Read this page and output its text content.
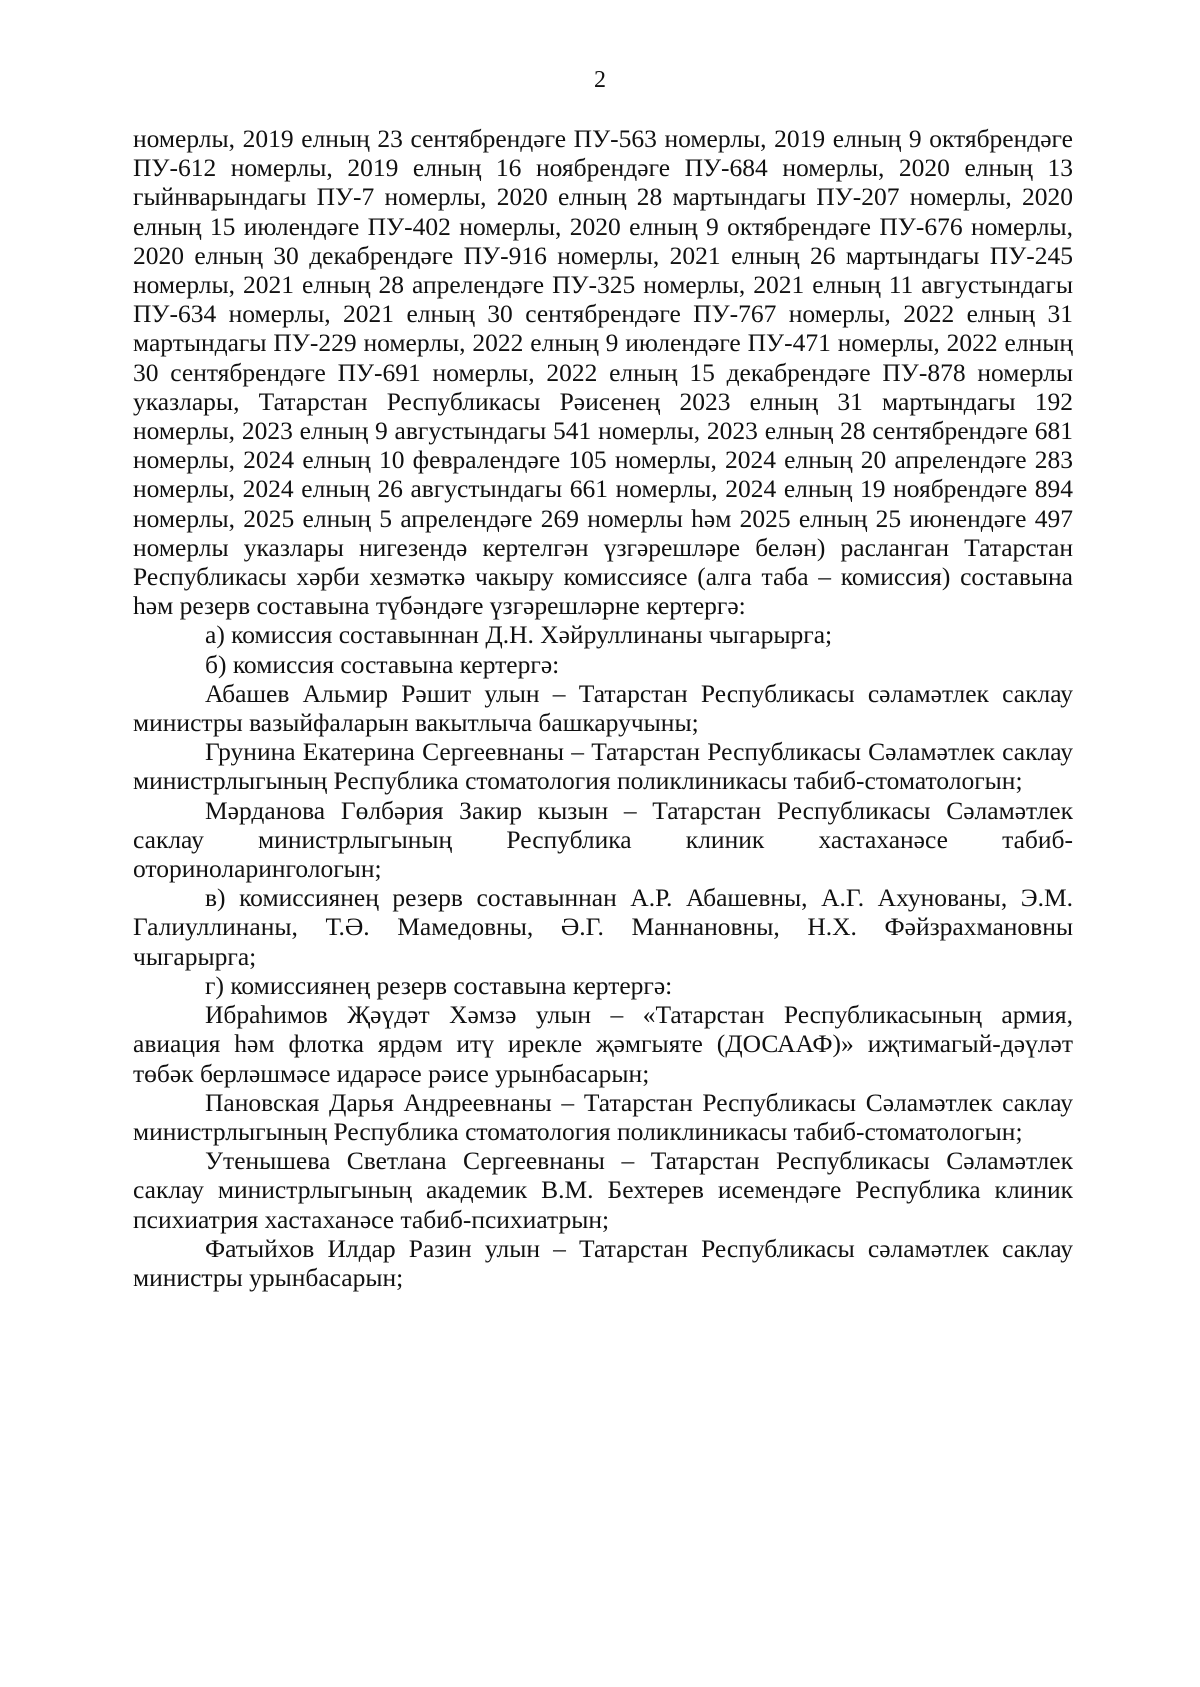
2

номерлы, 2019 елның 23 сентябрендәге ПУ-563 номерлы, 2019 елның 9 октябрендәге ПУ-612 номерлы, 2019 елның 16 ноябрендәге ПУ-684 номерлы, 2020 елның 13 гыйнварындагы ПУ-7 номерлы, 2020 елның 28 мартындагы ПУ-207 номерлы, 2020 елның 15 июлендәге ПУ-402 номерлы, 2020 елның 9 октябрендәге ПУ-676 номерлы, 2020 елның 30 декабрендәге ПУ-916 номерлы, 2021 елның 26 мартындагы ПУ-245 номерлы, 2021 елның 28 апрелендәге ПУ-325 номерлы, 2021 елның 11 августындагы ПУ-634 номерлы, 2021 елның 30 сентябрендәге ПУ-767 номерлы, 2022 елның 31 мартындагы ПУ-229 номерлы, 2022 елның 9 июлендәге ПУ-471 номерлы, 2022 елның 30 сентябрендәге ПУ-691 номерлы, 2022 елның 15 декабрендәге ПУ-878 номерлы указлары, Татарстан Республикасы Рәисенең 2023 елның 31 мартындагы 192 номерлы, 2023 елның 9 августындагы 541 номерлы, 2023 елның 28 сентябрендәге 681 номерлы, 2024 елның 10 февралендәге 105 номерлы, 2024 елның 20 апрелендәге 283 номерлы, 2024 елның 26 августындагы 661 номерлы, 2024 елның 19 ноябрендәге 894 номерлы, 2025 елның 5 апрелендәге 269 номерлы һәм 2025 елның 25 июнендәге 497 номерлы указлары нигезендә кертелгән үзгәрешләре белән) расланган Татарстан Республикасы хәрби хезмәткә чакыру комиссиясе (алга таба – комиссия) составына һәм резерв составына түбәндәге үзгәрешләрне кертергә:

а) комиссия составыннан Д.Н. Хәйруллинаны чыгарырга;

б) комиссия составына кертергә:

Абашев Альмир Рәшит улын – Татарстан Республикасы сәламәтлек саклау министры вазыйфаларын вакытлыча башкаручыны;

Грунина Екатерина Сергеевнаны – Татарстан Республикасы Сәламәтлек саклау министрлыгының Республика стоматология поликлиникасы табиб-стоматологын;

Мәрданова Гөлбәрия Закир кызын – Татарстан Республикасы Сәламәтлек саклау министрлыгының Республика клиник хастаханәсе табиб-оториноларингологын;

в) комиссиянең резерв составыннан А.Р. Абашевны, А.Г. Ахунованы, Э.М. Галиуллинаны, Т.Ә. Мамедовны, Ә.Г. Маннановны, Н.Х. Фәйзрахмановны чыгарырга;

г) комиссиянең резерв составына кертергә:

Ибраһимов Җәүдәт Хәмзә улын – «Татарстан Республикасының армия, авиация һәм флотка ярдәм итү ирекле җәмгыяте (ДОСААФ)» иҗтимагый-дәүләт төбәк берләшмәсе идарәсе рәисе урынбасарын;

Пановская Дарья Андреевнаны – Татарстан Республикасы Сәламәтлек саклау министрлыгының Республика стоматология поликлиникасы табиб-стоматологын;

Утенышева Светлана Сергеевнаны – Татарстан Республикасы Сәламәтлек саклау министрлыгының академик В.М. Бехтерев исемендәге Республика клиник психиатрия хастаханәсе табиб-психиатрын;

Фатыйхов Илдар Разин улын – Татарстан Республикасы сәламәтлек саклау министры урынбасарын;
